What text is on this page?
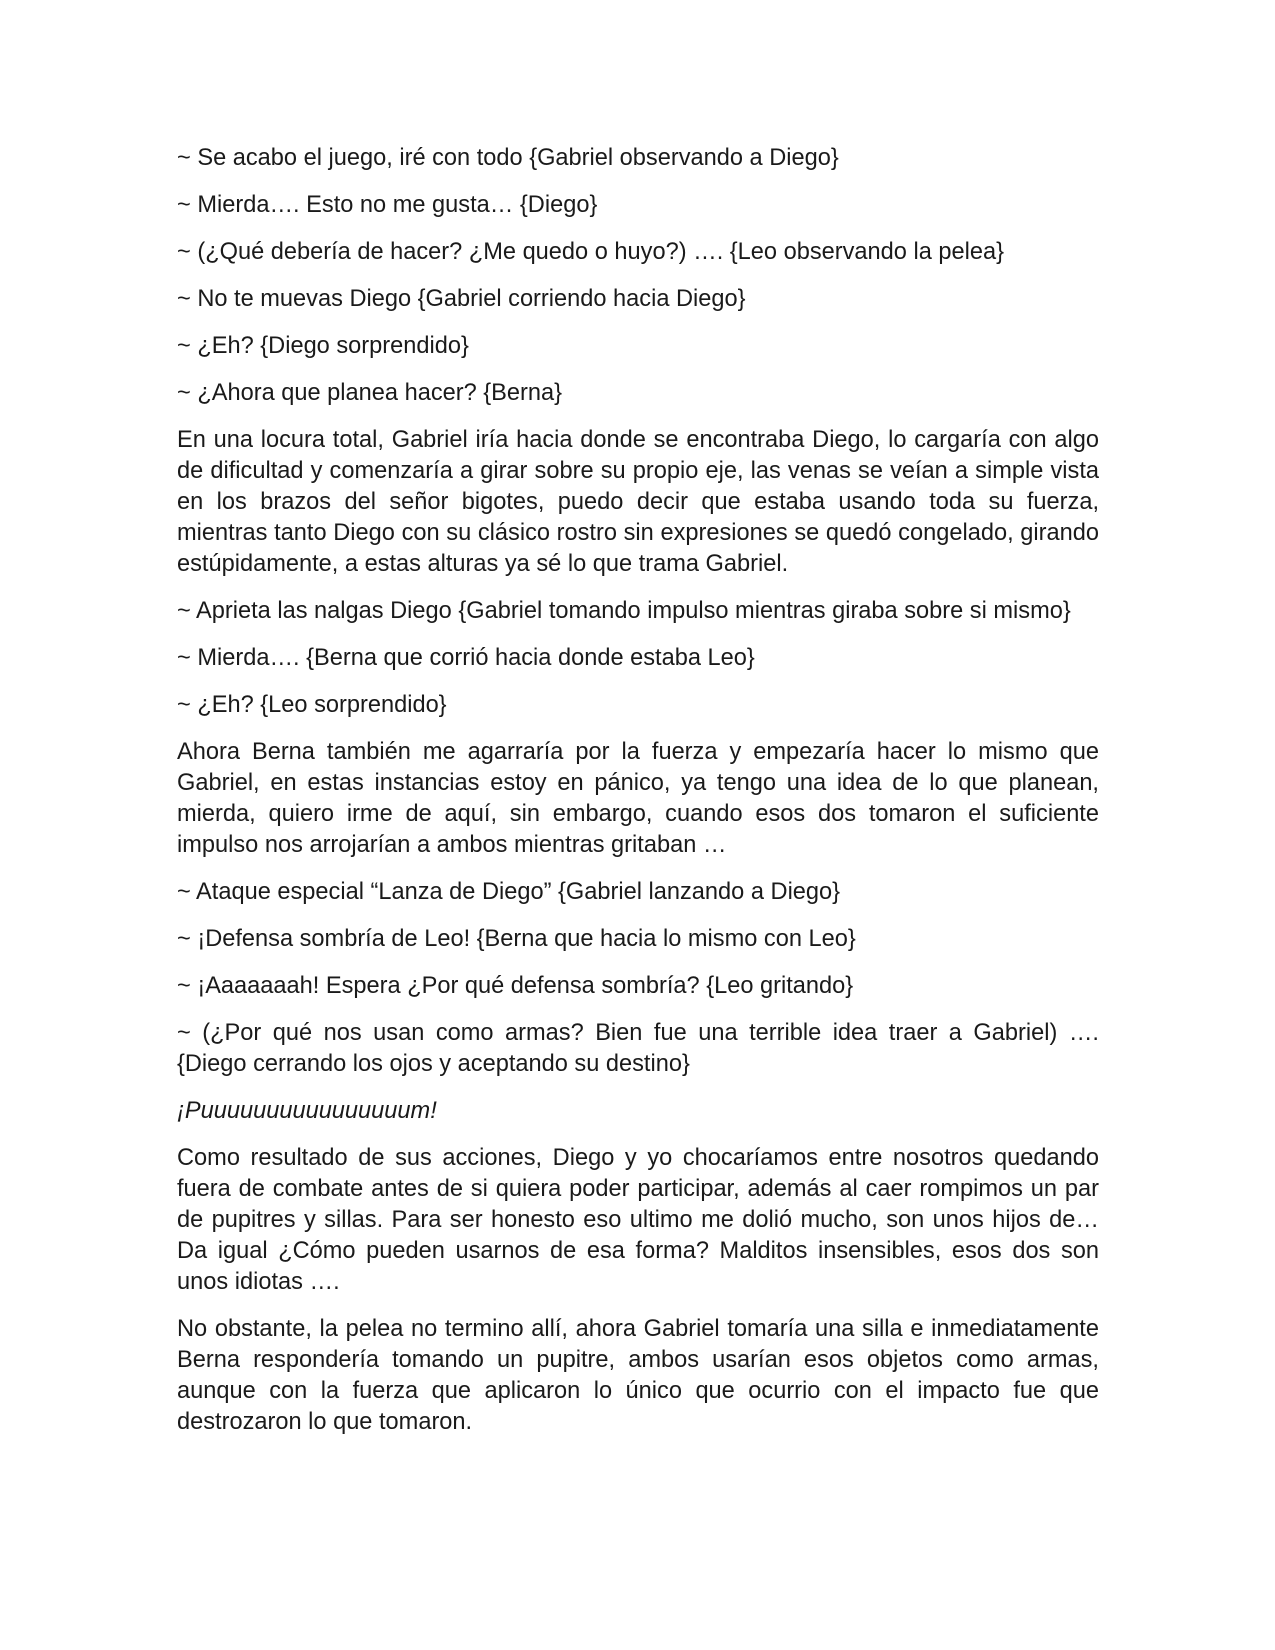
~ Se acabo el juego, iré con todo {Gabriel observando a Diego}

~ Mierda…. Esto no me gusta… {Diego}

~ (¿Qué debería de hacer? ¿Me quedo o huyo?) …. {Leo observando la pelea}

~ No te muevas Diego {Gabriel corriendo hacia Diego}

~ ¿Eh? {Diego sorprendido}

~ ¿Ahora que planea hacer? {Berna}

En una locura total, Gabriel iría hacia donde se encontraba Diego, lo cargaría con algo de dificultad y comenzaría a girar sobre su propio eje, las venas se veían a simple vista en los brazos del señor bigotes, puedo decir que estaba usando toda su fuerza, mientras tanto Diego con su clásico rostro sin expresiones se quedó congelado, girando estúpidamente, a estas alturas ya sé lo que trama Gabriel.

~ Aprieta las nalgas Diego {Gabriel tomando impulso mientras giraba sobre si mismo}

~ Mierda…. {Berna que corrió hacia donde estaba Leo}

~ ¿Eh? {Leo sorprendido}

Ahora Berna también me agarraría por la fuerza y empezaría hacer lo mismo que Gabriel, en estas instancias estoy en pánico, ya tengo una idea de lo que planean, mierda, quiero irme de aquí, sin embargo, cuando esos dos tomaron el suficiente impulso nos arrojarían a ambos mientras gritaban …

~ Ataque especial “Lanza de Diego” {Gabriel lanzando a Diego}

~ ¡Defensa sombría de Leo! {Berna que hacia lo mismo con Leo}

~ ¡Aaaaaaah! Espera ¿Por qué defensa sombría? {Leo gritando}

~ (¿Por qué nos usan como armas? Bien fue una terrible idea traer a Gabriel) …. {Diego cerrando los ojos y aceptando su destino}

¡Puuuuuuuuuuuuuuuum!

Como resultado de sus acciones, Diego y yo chocaríamos entre nosotros quedando fuera de combate antes de si quiera poder participar, además al caer rompimos un par de pupitres y sillas. Para ser honesto eso ultimo me dolió mucho, son unos hijos de… Da igual ¿Cómo pueden usarnos de esa forma? Malditos insensibles, esos dos son unos idiotas ….

No obstante, la pelea no termino allí, ahora Gabriel tomaría una silla e inmediatamente Berna respondería tomando un pupitre, ambos usarían esos objetos como armas, aunque con la fuerza que aplicaron lo único que ocurrio con el impacto fue que destrozaron lo que tomaron.
